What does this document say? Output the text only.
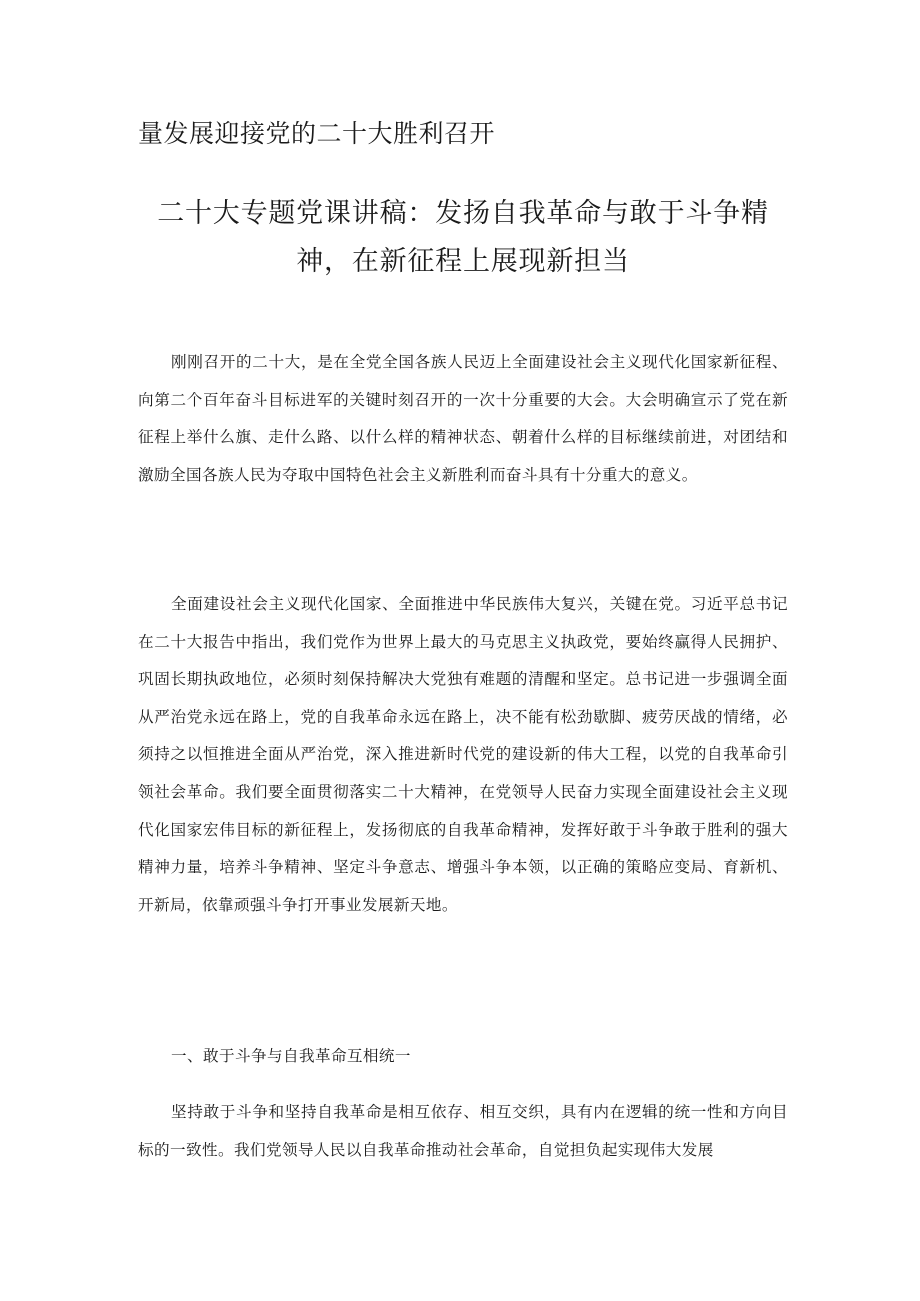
量发展迎接党的二十大胜利召开
二十大专题党课讲稿：发扬自我革命与敢于斗争精神，在新征程上展现新担当
刚刚召开的二十大，是在全党全国各族人民迈上全面建设社会主义现代化国家新征程、向第二个百年奋斗目标进军的关键时刻召开的一次十分重要的大会。大会明确宣示了党在新征程上举什么旗、走什么路、以什么样的精神状态、朝着什么样的目标继续前进，对团结和激励全国各族人民为夺取中国特色社会主义新胜利而奋斗具有十分重大的意义。
全面建设社会主义现代化国家、全面推进中华民族伟大复兴，关键在党。习近平总书记在二十大报告中指出，我们党作为世界上最大的马克思主义执政党，要始终赢得人民拥护、巩固长期执政地位，必须时刻保持解决大党独有难题的清醒和坚定。总书记进一步强调全面从严治党永远在路上，党的自我革命永远在路上，决不能有松劲歇脚、疲劳厌战的情绪，必须持之以恒推进全面从严治党，深入推进新时代党的建设新的伟大工程，以党的自我革命引领社会革命。我们要全面贯彻落实二十大精神，在党领导人民奋力实现全面建设社会主义现代化国家宏伟目标的新征程上，发扬彻底的自我革命精神，发挥好敢于斗争敢于胜利的强大精神力量，培养斗争精神、坚定斗争意志、增强斗争本领，以正确的策略应变局、育新机、开新局，依靠顽强斗争打开事业发展新天地。
一、敢于斗争与自我革命互相统一
坚持敢于斗争和坚持自我革命是相互依存、相互交织，具有内在逻辑的统一性和方向目标的一致性。我们党领导人民以自我革命推动社会革命，自觉担负起实现伟大发展
